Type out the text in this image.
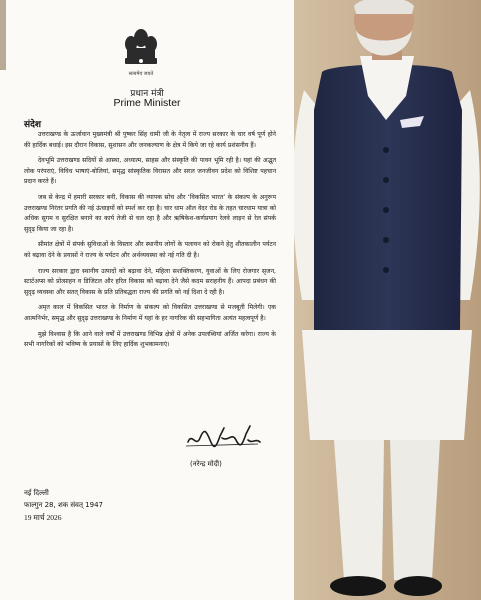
सत्यमेव जयते
प्रधान मंत्री
Prime Minister
संदेश

उत्तराखण्ड के ऊर्जावान मुख्यमंत्री श्री पुष्कर सिंह धामी जी के नेतृत्व में राज्य सरकार के चार वर्ष पूर्ण होने की हार्दिक बधाई। इस दौरान विकास, सुशासन और जनकल्याण के क्षेत्र में किये जा रहे कार्य प्रशंसनीय हैं।

देवभूमि उत्तराखण्ड सदियों से आस्था, अध्यात्म, साहस और संस्कृति की पावन भूमि रही है। यहां की अद्भुत लोक परंपराएं, विविध भाषाएं-बोलियां, समृद्ध सांस्कृतिक विरासत और सरल जनजीवन प्रदेश को विशिष्ट पहचान प्रदान करते हैं।

जब से केन्द्र में हमारी सरकार बनी, विकास की व्यापक सोच और ‘विकसित भारत’ के संकल्प के अनुरूप उत्तराखण्ड निरंतर प्रगति की नई ऊंचाइयों को स्पर्श कर रहा है। चार धाम ऑल वेदर रोड के तहत चारधाम यात्रा को अधिक सुगम व सुरक्षित बनाने का कार्य तेजी से चल रहा है और ऋषिकेश-कर्णप्रयाग रेलवे लाइन से रेल संपर्क सुदृढ़ किया जा रहा है।

सीमांत क्षेत्रों में संपर्क सुविधाओं के विस्तार और स्थानीय लोगों के पलायन को रोकने हेतु शीतकालीन पर्यटन को बढ़ावा देने के प्रयासों ने राज्य के पर्यटन और अर्थव्यवस्था को नई गति दी है।

राज्य सरकार द्वारा स्थानीय उत्पादों को बढ़ावा देने, महिला सशक्तिकरण, युवाओं के लिए रोजगार सृजन, स्टार्टअप्स को प्रोत्साहन व डिजिटल और हरित विकास को बढ़ावा देने जैसे कदम सराहनीय हैं। आपदा प्रबंधन की सुदृढ़ व्यवस्था और सतत् विकास के प्रति प्रतिबद्धता राज्य की प्रगति को नई दिशा दे रही है।

अमृत काल में विकसित भारत के निर्माण के संकल्प को विकसित उत्तराखण्ड से मजबूती मिलेगी। एक आत्मनिर्भर, समृद्ध और सुदृढ़ उत्तराखण्ड के निर्माण में यहां के हर नागरिक की सहभागिता अत्यंत महत्वपूर्ण है।

मुझे विश्वास है कि आने वाले वर्षों में उत्तराखण्ड विभिन्न क्षेत्रों में अनेक उपलब्धियां अर्जित करेगा। राज्य के सभी नागरिकों को भविष्य के प्रयासों के लिए हार्दिक शुभकामनाएं।

(नरेन्द्र मोदी)
नई दिल्ली
फाल्गुन 28, शक संवत् 1947
19 मार्च 2026
